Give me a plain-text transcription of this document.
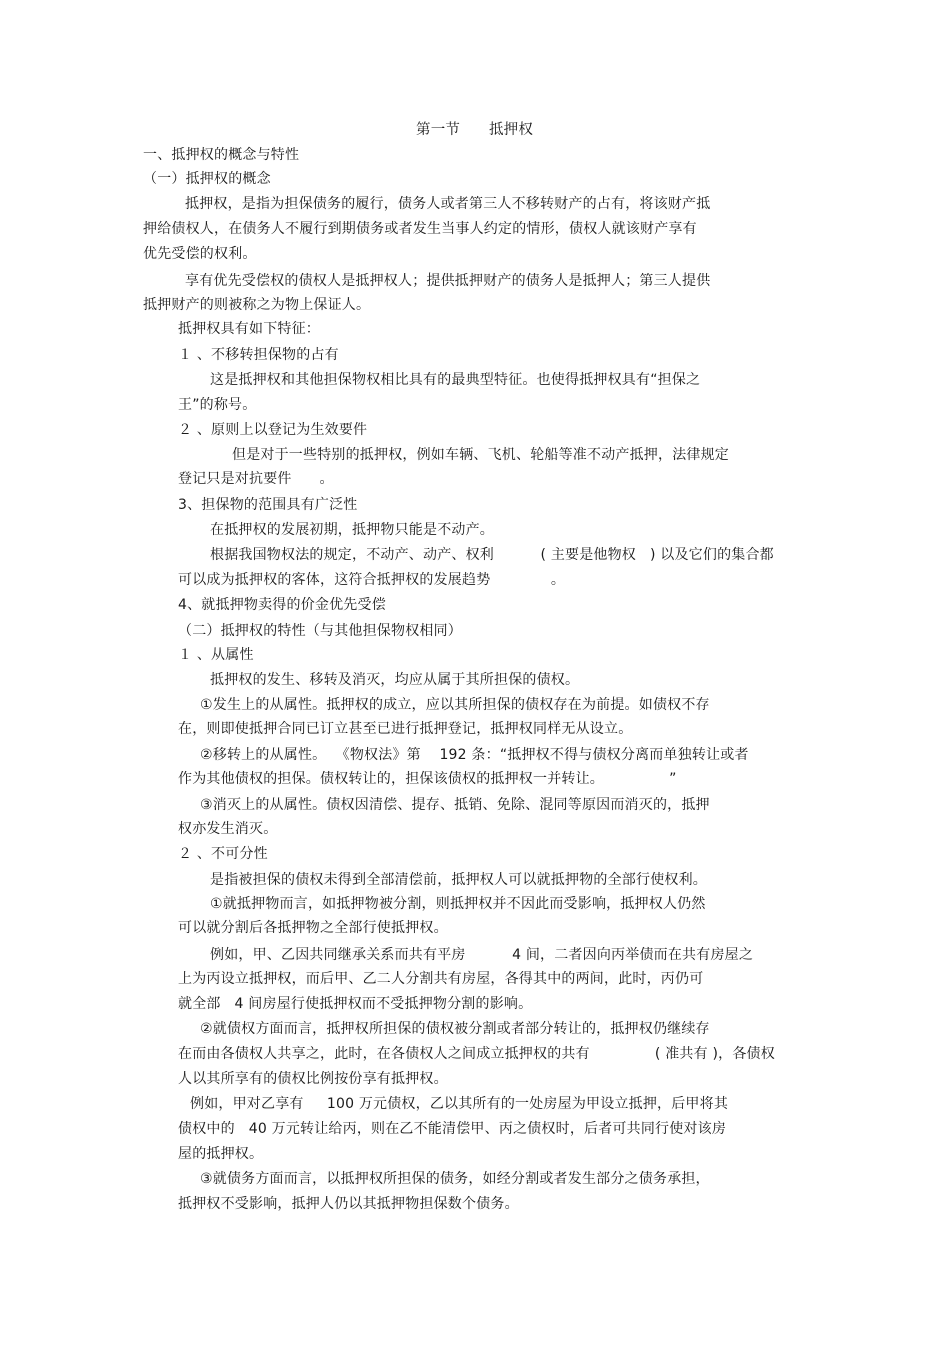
第一节      抵押权
一、抵押权的概念与特性
（一）抵押权的概念
抵押权，是指为担保债务的履行，债务人或者第三人不移转财产的占有，将该财产抵
押给债权人，在债务人不履行到期债务或者发生当事人约定的情形，债权人就该财产享有
优先受偿的权利。
享有优先受偿权的债权人是抵押权人；提供抵押财产的债务人是抵押人；第三人提供
抵押财产的则被称之为物上保证人。
抵押权具有如下特征：
１ 、不移转担保物的占有
这是抵押权和其他担保物权相比具有的最典型特征。也使得抵押权具有“担保之
王”的称号。
２ 、原则上以登记为生效要件
但是对于一些特别的抵押权，例如车辆、飞机、轮船等准不动产抵押，法律规定
登记只是对抗要件      。
3、担保物的范围具有广泛性
在抵押权的发展初期，抵押物只能是不动产。
根据我国物权法的规定，不动产、动产、权利          ( 主要是他物权   ) 以及它们的集合都
可以成为抵押权的客体，这符合抵押权的发展趋势             。
4、就抵押物卖得的价金优先受偿
（二）抵押权的特性（与其他担保物权相同）
１ 、从属性
抵押权的发生、移转及消灭，均应从属于其所担保的债权。
①发生上的从属性。抵押权的成立，应以其所担保的债权存在为前提。如债权不存
在，则即使抵押合同已订立甚至已进行抵押登记，抵押权同样无从设立。
②移转上的从属性。  《物权法》第    192 条：“抵押权不得与债权分离而单独转让或者
作为其他债权的担保。债权转让的，担保该债权的抵押权一并转让。              ”
③消灭上的从属性。债权因清偿、提存、抵销、免除、混同等原因而消灭的，抵押
权亦发生消灭。
２ 、不可分性
是指被担保的债权未得到全部清偿前，抵押权人可以就抵押物的全部行使权利。
①就抵押物而言，如抵押物被分割，则抵押权并不因此而受影响，抵押权人仍然
可以就分割后各抵押物之全部行使抵押权。
例如，甲、乙因共同继承关系而共有平房          4 间，二者因向丙举债而在共有房屋之
上为丙设立抵押权，而后甲、乙二人分割共有房屋，各得其中的两间，此时，丙仍可
就全部   4 间房屋行使抵押权而不受抵押物分割的影响。
②就债权方面而言，抵押权所担保的债权被分割或者部分转让的，抵押权仍继续存
在而由各债权人共享之，此时，在各债权人之间成立抵押权的共有              ( 准共有 )，各债权
人以其所享有的债权比例按份享有抵押权。
例如，甲对乙享有     100 万元债权，乙以其所有的一处房屋为甲设立抵押，后甲将其
债权中的   40 万元转让给丙，则在乙不能清偿甲、丙之债权时，后者可共同行使对该房
屋的抵押权。
③就债务方面而言，以抵押权所担保的债务，如经分割或者发生部分之债务承担，
抵押权不受影响，抵押人仍以其抵押物担保数个债务。
